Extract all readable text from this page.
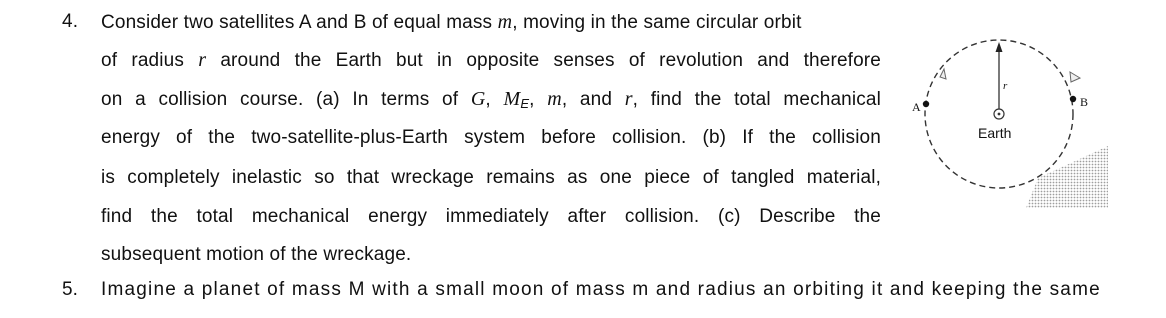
4. Consider two satellites A and B of equal mass m, moving in the same circular orbit
of radius r around the Earth but in opposite senses of revolution and therefore
on a collision course. (a) In terms of G, $M_E$, m, and r, find the total mechanical
energy of the two-satellite-plus-Earth system before collision. (b) If the collision
is completely inelastic so that wreckage remains as one piece of tangled material,
find the total mechanical energy immediately after collision. (c) Describe the
subsequent motion of the wreckage.
5. Imagine a planet of mass M with a small moon of mass m and radius an orbiting it and keeping the same
A	B
r
Earth
